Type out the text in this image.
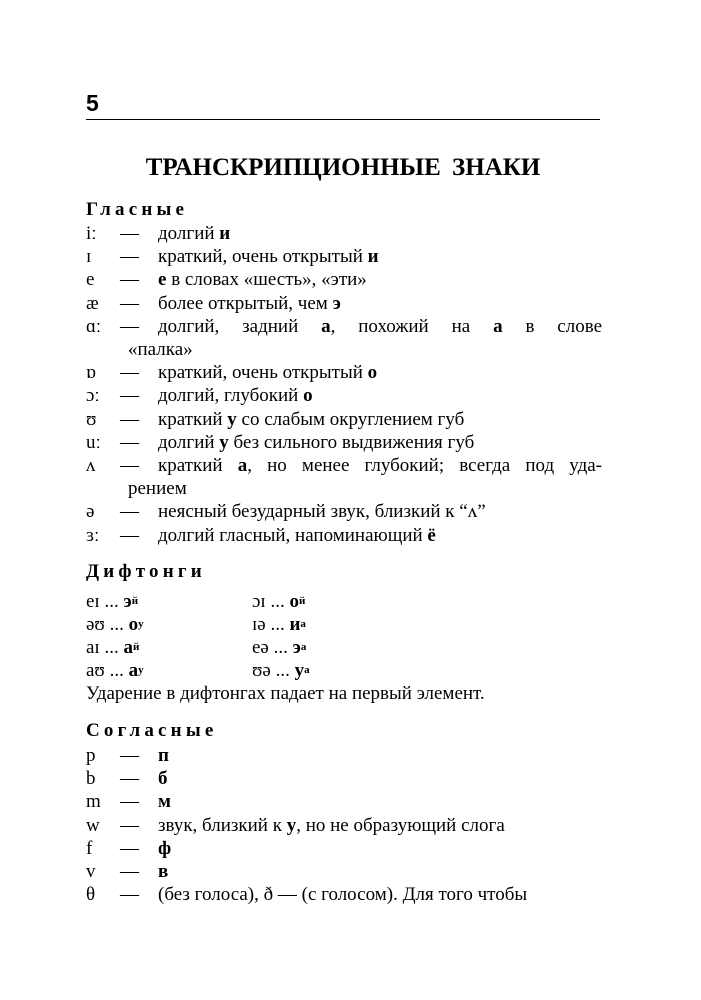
5
ТРАНСКРИПЦИОННЫЕ ЗНАКИ
Гласные
iː — долгий и
ɪ — краткий, очень открытый и
e — е в словах «шесть», «эти»
æ — более открытый, чем э
ɑː — долгий, задний а, похожий на а в слове
«палка»
ɒ — краткий, очень открытый о
ɔː — долгий, глубокий о
ʊ — краткий у со слабым округлением губ
uː — долгий у без сильного выдвижения губ
ʌ — краткий а, но менее глубокий; всегда под уда-
рением
ə — неясный безударный звук, близкий к “ʌ”
ɜː — долгий гласный, напоминающий ё
Дифтонги
eɪ ... $э^й$
əʊ ... $о^у$
aɪ ... $а^й$
aʊ ... $а^у$
ɔɪ ... $о^й$
ɪə ... $и^а$
eə ... $э^а$
ʊə ... $у^а$
Ударение в дифтонгах падает на первый элемент.
Согласные
p — п
b — б
m — м
w — звук, близкий к у, но не образующий слога
f — ф
v — в
θ — (без голоса), ð — (с голосом). Для того чтобы
